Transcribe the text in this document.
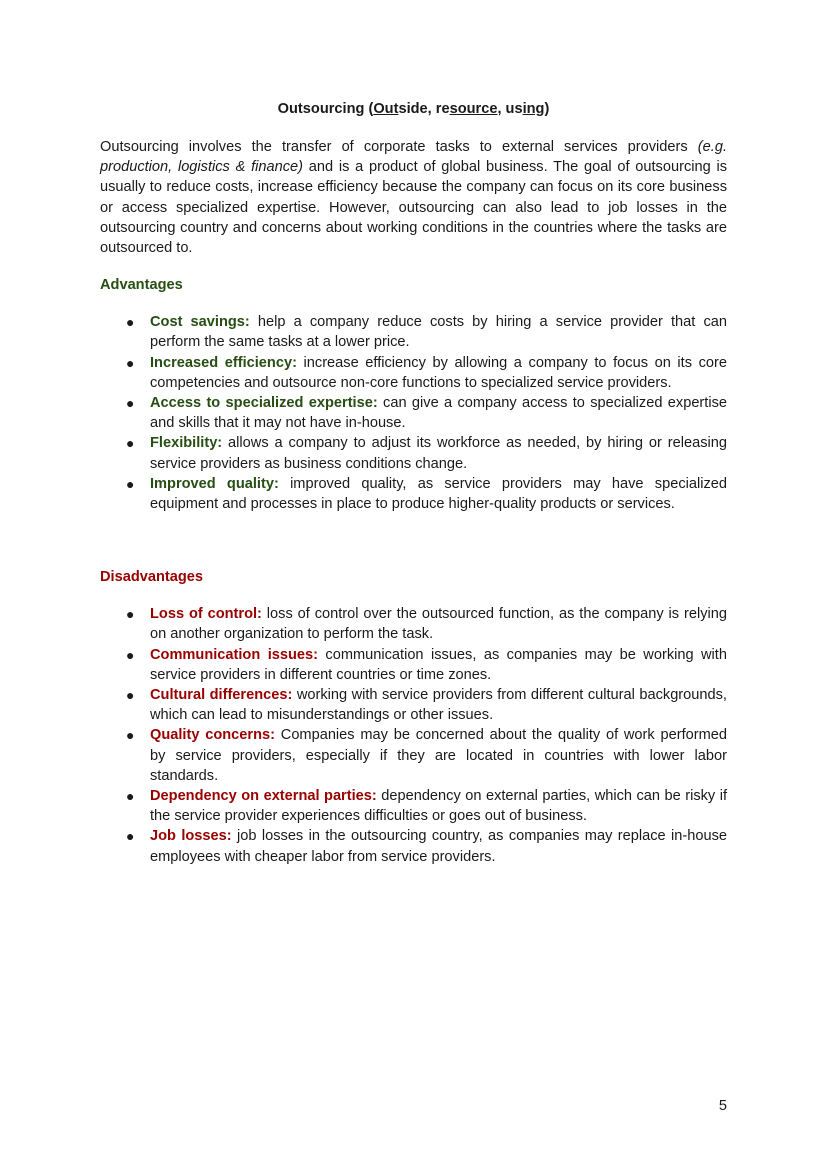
Outsourcing (Outside, resource, using)

Outsourcing involves the transfer of corporate tasks to external services providers (e.g. production, logistics & finance) and is a product of global business. The goal of outsourcing is usually to reduce costs, increase efficiency because the company can focus on its core business or access specialized expertise. However, outsourcing can also lead to job losses in the outsourcing country and concerns about working conditions in the countries where the tasks are outsourced to.

Advantages

● Cost savings: help a company reduce costs by hiring a service provider that can perform the same tasks at a lower price.
● Increased efficiency: increase efficiency by allowing a company to focus on its core competencies and outsource non-core functions to specialized service providers.
● Access to specialized expertise: can give a company access to specialized expertise and skills that it may not have in-house.
● Flexibility: allows a company to adjust its workforce as needed, by hiring or releasing service providers as business conditions change.
● Improved quality: improved quality, as service providers may have specialized equipment and processes in place to produce higher-quality products or services.

Disadvantages

● Loss of control: loss of control over the outsourced function, as the company is relying on another organization to perform the task.
● Communication issues: communication issues, as companies may be working with service providers in different countries or time zones.
● Cultural differences: working with service providers from different cultural backgrounds, which can lead to misunderstandings or other issues.
● Quality concerns: Companies may be concerned about the quality of work performed by service providers, especially if they are located in countries with lower labor standards.
● Dependency on external parties: dependency on external parties, which can be risky if the service provider experiences difficulties or goes out of business.
● Job losses: job losses in the outsourcing country, as companies may replace in-house employees with cheaper labor from service providers.
5
